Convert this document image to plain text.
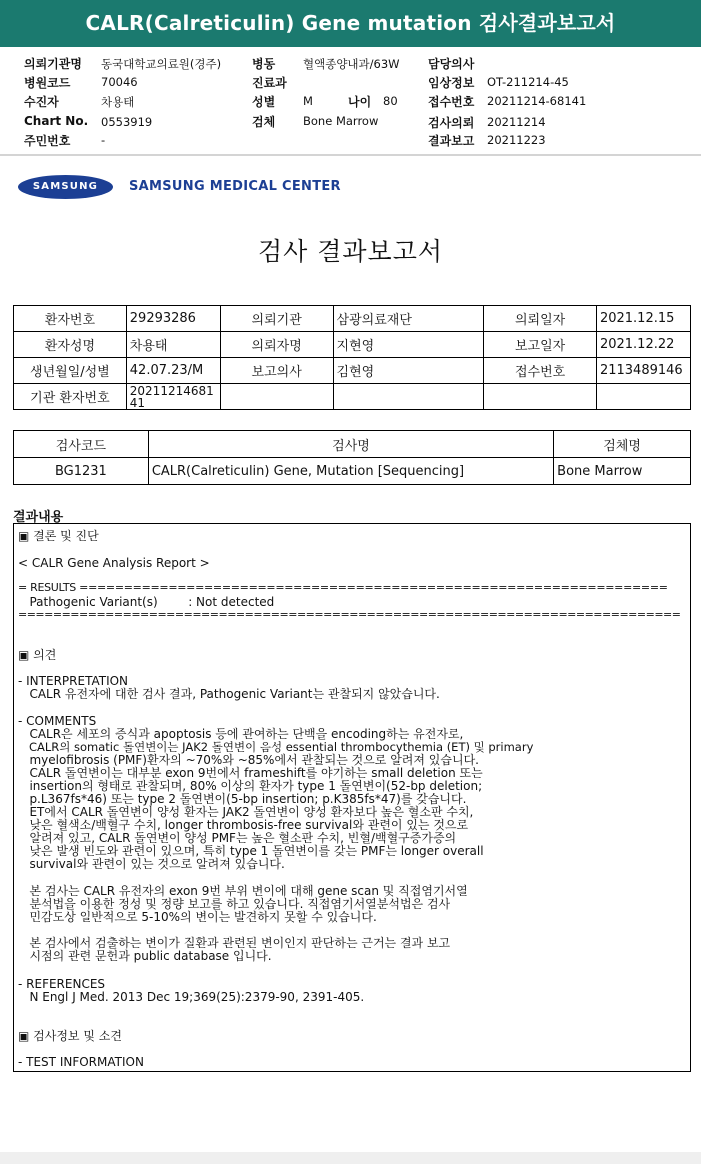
CALR(Calreticulin) Gene mutation 검사결과보고서
의뢰기관명 동국대학교의료원(경주)	병동 혈액종양내과/63W 담당의사
병원코드	70046	진료과	임상정보 OT-211214-45
수진자	차용태	성별 M	나이 80	접수번호 20211214-68141
Chart No. 0553919	검체 Bone Marrow	검사의뢰 20211214
주민번호	-	결과보고 20211223
SAMSUNG	SAMSUNG MEDICAL CENTER
검사 결과보고서
환자번호	29293286	의뢰기관	삼광의료재단	의뢰일자	2021.12.15
환자성명	차용태	의뢰자명	지현영	보고일자	2021.12.22
생년월일/성별	42.07.23/M	보고의사	김현영	접수번호	2113489146
기관 환자번호	20211214681
41				
검사코드	검사명	검체명
BG1231	CALR(Calreticulin) Gene, Mutation [Sequencing]	Bone Marrow
결과내용
▣ 결론 및 진단
< CALR Gene Analysis Report >
= RESULTS ==================================================================
Pathogenic Variant(s)        : Not detected
============================================================================
▣ 의견
- INTERPRETATION
CALR 유전자에 대한 검사 결과, Pathogenic Variant는 관찰되지 않았습니다.
- COMMENTS
CALR은 세포의 증식과 apoptosis 등에 관여하는 단백을 encoding하는 유전자로,
CALR의 somatic 돌연변이는 JAK2 돌연변이 음성 essential thrombocythemia (ET) 및 primary
myelofibrosis (PMF)환자의 ~70%와 ~85%에서 관찰되는 것으로 알려져 있습니다.
CALR 돌연변이는 대부분 exon 9번에서 frameshift를 야기하는 small deletion 또는
insertion의 형태로 관찰되며, 80% 이상의 환자가 type 1 돌연변이(52-bp deletion;
p.L367fs*46) 또는 type 2 돌연변이(5-bp insertion; p.K385fs*47)를 갖습니다.
ET에서 CALR 돌연변이 양성 환자는 JAK2 돌연변이 양성 환자보다 높은 혈소판 수치,
낮은 혈색소/백혈구 수치, longer thrombosis-free survival와 관련이 있는 것으로
알려져 있고, CALR 돌연변이 양성 PMF는 높은 혈소판 수치, 빈혈/백혈구증가증의
낮은 발생 빈도와 관련이 있으며, 특히 type 1 돌연변이를 갖는 PMF는 longer overall
survival와 관련이 있는 것으로 알려져 있습니다.
본 검사는 CALR 유전자의 exon 9번 부위 변이에 대해 gene scan 및 직접염기서열
분석법을 이용한 정성 및 정량 보고를 하고 있습니다. 직접염기서열분석법은 검사
민감도상 일반적으로 5-10%의 변이는 발견하지 못할 수 있습니다.
본 검사에서 검출하는 변이가 질환과 관련된 변이인지 판단하는 근거는 결과 보고
시점의 관련 문헌과 public database 입니다.
- REFERENCES
N Engl J Med. 2013 Dec 19;369(25):2379-90, 2391-405.
▣ 검사정보 및 소견
- TEST INFORMATION
